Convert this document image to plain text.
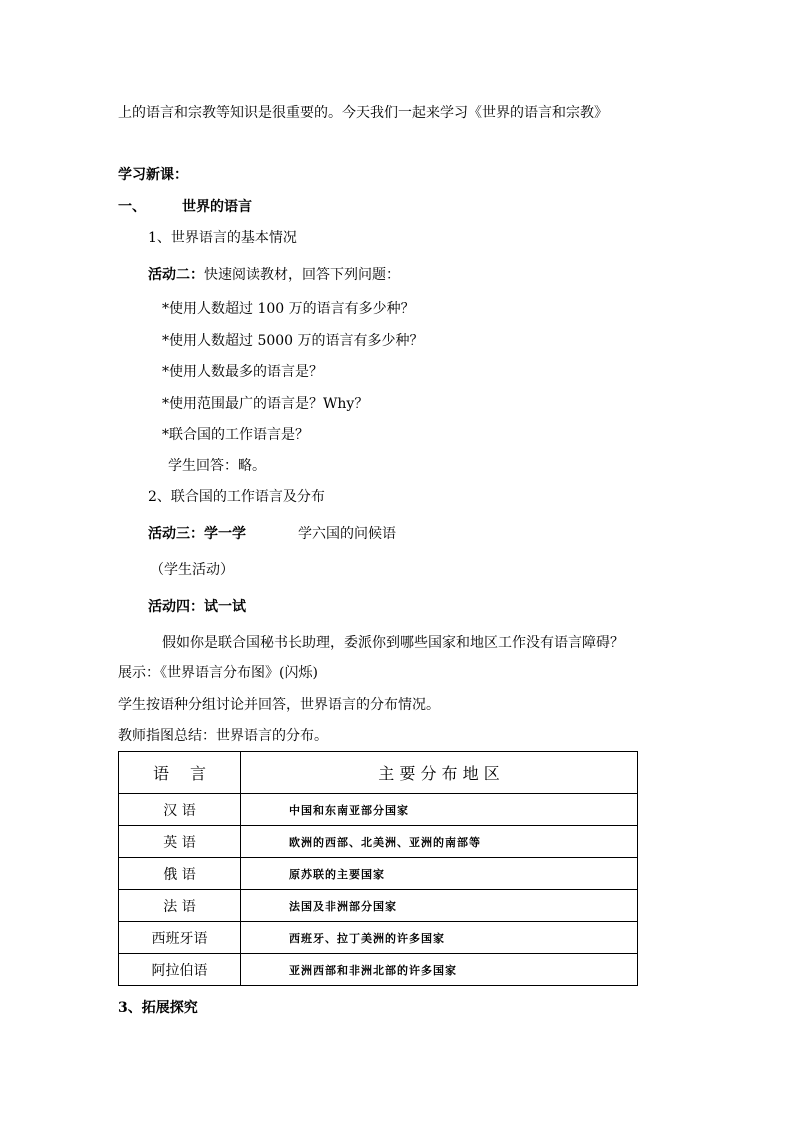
上的语言和宗教等知识是很重要的。今天我们一起来学习《世界的语言和宗教》
学习新课：
一、	世界的语言
1、世界语言的基本情况
活动二：快速阅读教材，回答下列问题：
*使用人数超过 100 万的语言有多少种？
*使用人数超过 5000 万的语言有多少种？
*使用人数最多的语言是？
*使用范围最广的语言是？Why？
*联合国的工作语言是？
学生回答：略。
2、联合国的工作语言及分布
活动三：学一学	学六国的问候语
（学生活动）
活动四：试一试
假如你是联合国秘书长助理，委派你到哪些国家和地区工作没有语言障碍？
展示：《世界语言分布图》(闪烁)
学生按语种分组讨论并回答，世界语言的分布情况。
教师指图总结：世界语言的分布。
语　 言	主 要 分 布 地 区
汉 语	中国和东南亚部分国家
英 语	欧洲的西部、北美洲、亚洲的南部等
俄 语	原苏联的主要国家
法 语	法国及非洲部分国家
西班牙语	西班牙、拉丁美洲的许多国家
阿拉伯语	亚洲西部和非洲北部的许多国家
3、拓展探究
